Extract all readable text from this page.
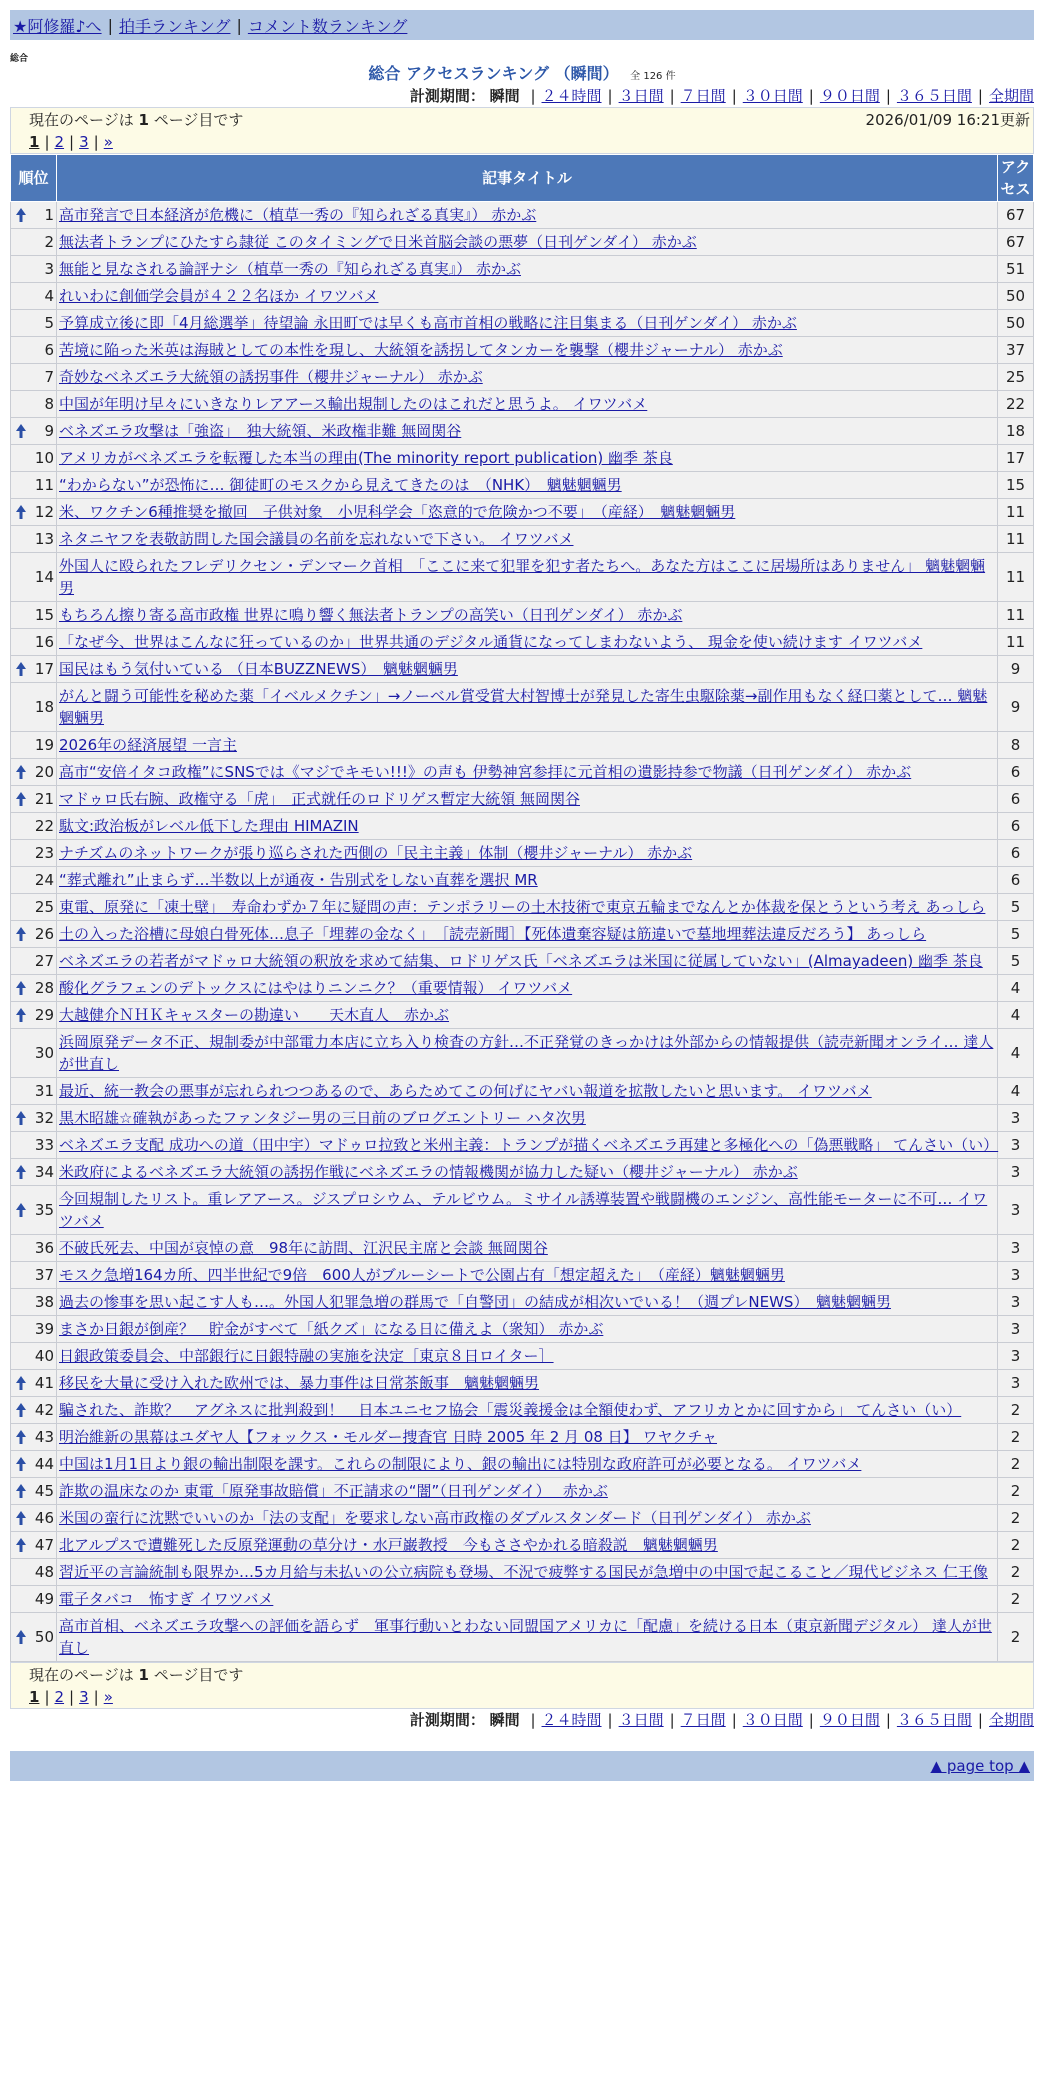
★阿修羅♪へ | 拍手ランキング | コメント数ランキング
総合
総合 アクセスランキング （瞬間） 全 126 件
計測期間： 瞬間 | ２４時間 | ３日間 | ７日間 | ３０日間 | ９０日間 | ３６５日間 | 全期間
現在のページは 1 ページ目です	2026/01/09 16:21更新
1 | 2 | 3 | »
順位	記事タイトル	アクセス

1	高市発言で日本経済が危機に（植草一秀の『知られざる真実』） 赤かぶ	67
2	無法者トランプにひたすら隷従 このタイミングで日米首脳会談の悪夢（日刊ゲンダイ） 赤かぶ	67
3	無能と見なされる論評ナシ（植草一秀の『知られざる真実』） 赤かぶ	51
4	れいわに創価学会員が４２２名ほか イワツバメ	50
5	予算成立後に即「4月総選挙」待望論 永田町では早くも高市首相の戦略に注目集まる（日刊ゲンダイ） 赤かぶ	50
6	苦境に陥った米英は海賊としての本性を現し、大統領を誘拐してタンカーを襲撃（櫻井ジャーナル） 赤かぶ	37
7	奇妙なベネズエラ大統領の誘拐事件（櫻井ジャーナル） 赤かぶ	25
8	中国が年明け早々にいきなりレアアース輸出規制したのはこれだと思うよ。 イワツバメ	22

9	ベネズエラ攻撃は「強盗」　独大統領、米政権非難 無岡関谷	18
10	アメリカがベネズエラを転覆した本当の理由(The minority report publication) 幽季 茶良	17
11	“わからない”が恐怖に… 御徒町のモスクから見えてきたのは　（NHK）　魑魅魍魎男	15

12	米、ワクチン6種推奨を撤回　子供対象　小児科学会「恣意的で危険かつ不要」　（産経）　魑魅魍魎男	11
13	ネタニヤフを表敬訪問した国会議員の名前を忘れないで下さい。 イワツバメ	11
14	外国人に殴られたフレデリクセン・デンマーク首相　「ここに来て犯罪を犯す者たちへ。あなた方はここに居場所はありません」 魑魅魍魎男	11
15	もちろん擦り寄る高市政権 世界に鳴り響く無法者トランプの高笑い（日刊ゲンダイ） 赤かぶ	11
16	「なぜ今、世界はこんなに狂っているのか」世界共通のデジタル通貨になってしまわないよう、 現金を使い続けます イワツバメ	11

17	国民はもう気付いている （日本BUZZNEWS）　魑魅魍魎男	9
18	がんと闘う可能性を秘めた薬「イベルメクチン」→ノーベル賞受賞大村智博士が発見した寄生虫駆除薬→副作用もなく経口薬として… 魑魅魍魎男	9
19	2026年の経済展望 一言主	8

20	高市“安倍イタコ政権”にSNSでは《マジでキモい!!!》の声も 伊勢神宮参拝に元首相の遺影持参で物議（日刊ゲンダイ） 赤かぶ	6

21	マドゥロ氏右腕、政権守る「虎」　正式就任のロドリゲス暫定大統領 無岡関谷	6
22	駄文:政治板がレベル低下した理由 HIMAZIN	6
23	ナチズムのネットワークが張り巡らされた西側の「民主主義」体制（櫻井ジャーナル） 赤かぶ	6
24	“葬式離れ”止まらず…半数以上が通夜・告別式をしない直葬を選択 MR	6
25	東電、原発に「凍土壁」　寿命わずか７年に疑問の声：テンポラリーの土木技術で東京五輪までなんとか体裁を保とうという考え あっしら	5

26	土の入った浴槽に母娘白骨死体…息子「埋葬の金なく」　［読売新聞］【死体遺棄容疑は筋違いで墓地埋葬法違反だろう】 あっしら	5
27	ベネズエラの若者がマドゥロ大統領の釈放を求めて結集、ロドリゲス氏「ベネズエラは米国に従属していない」(Almayadeen) 幽季 茶良	5

28	酸化グラフェンのデトックスにはやはりニンニク？（重要情報） イワツバメ	4

29	大越健介ＮＨＫキャスターの勘違い　　天木直人　赤かぶ	4
30	浜岡原発データ不正、規制委が中部電力本店に立ち入り検査の方針…不正発覚のきっかけは外部からの情報提供（読売新聞オンライ… 達人が世直し	4
31	最近、統一教会の悪事が忘れられつつあるので、あらためてこの何げにヤバい報道を拡散したいと思います。 イワツバメ	4

32	黒木昭雄☆確執があったファンタジー男の三日前のブログエントリー ハタ次男	3
33	ベネズエラ支配 成功への道（田中宇）マドゥロ拉致と米州主義：トランプが描くベネズエラ再建と多極化への「偽悪戦略」 てんさい（い）	3

34	米政府によるベネズエラ大統領の誘拐作戦にベネズエラの情報機関が協力した疑い（櫻井ジャーナル） 赤かぶ	3

35	今回規制したリスト。重レアアース。ジスプロシウム、テルビウム。ミサイル誘導装置や戦闘機のエンジン、高性能モーターに不可… イワツバメ	3
36	不破氏死去、中国が哀悼の意　98年に訪問、江沢民主席と会談 無岡関谷	3
37	モスク急増164カ所、四半世紀で9倍　600人がブルーシートで公園占有「想定超えた」　（産経）魑魅魍魎男	3
38	過去の惨事を思い起こす人も…。外国人犯罪急増の群馬で「自警団」の結成が相次いでいる！（週プレNEWS）　魑魅魍魎男	3
39	まさか日銀が倒産？　貯金がすべて「紙クズ」になる日に備えよ（衆知） 赤かぶ	3
40	日銀政策委員会、中部銀行に日銀特融の実施を決定［東京８日ロイター］	3

41	移民を大量に受け入れた欧州では、暴力事件は日常茶飯事　魑魅魍魎男	3

42	騙された、詐欺？　アグネスに批判殺到！　日本ユニセフ協会「震災義援金は全額使わず、アフリカとかに回すから」 てんさい（い）	2

43	明治維新の黒幕はユダヤ人【フォックス・モルダー捜査官 日時 2005 年 2 月 08 日】 ワヤクチャ	2

44	中国は1月1日より銀の輸出制限を課す。これらの制限により、銀の輸出には特別な政府許可が必要となる。 イワツバメ	2

45	詐欺の温床なのか 東電「原発事故賠償」不正請求の“闇”（日刊ゲンダイ）　 赤かぶ	2

46	米国の蛮行に沈黙でいいのか「法の支配」を要求しない高市政権のダブルスタンダード（日刊ゲンダイ） 赤かぶ	2

47	北アルプスで遭難死した反原発運動の草分け・水戸巌教授　今もささやかれる暗殺説　魑魅魍魎男	2
48	習近平の言論統制も限界か…5カ月給与未払いの公立病院も登場、不況で疲弊する国民が急増中の中国で起こること／現代ビジネス 仁王像	2
49	電子タバコ　怖すぎ イワツバメ	2

50	高市首相、ベネズエラ攻撃への評価を語らず　軍事行動いとわない同盟国アメリカに「配慮」を続ける日本（東京新聞デジタル） 達人が世直し	2
現在のページは 1 ページ目です
1 | 2 | 3 | »
計測期間： 瞬間 | ２４時間 | ３日間 | ７日間 | ３０日間 | ９０日間 | ３６５日間 | 全期間
▲ page top ▲
